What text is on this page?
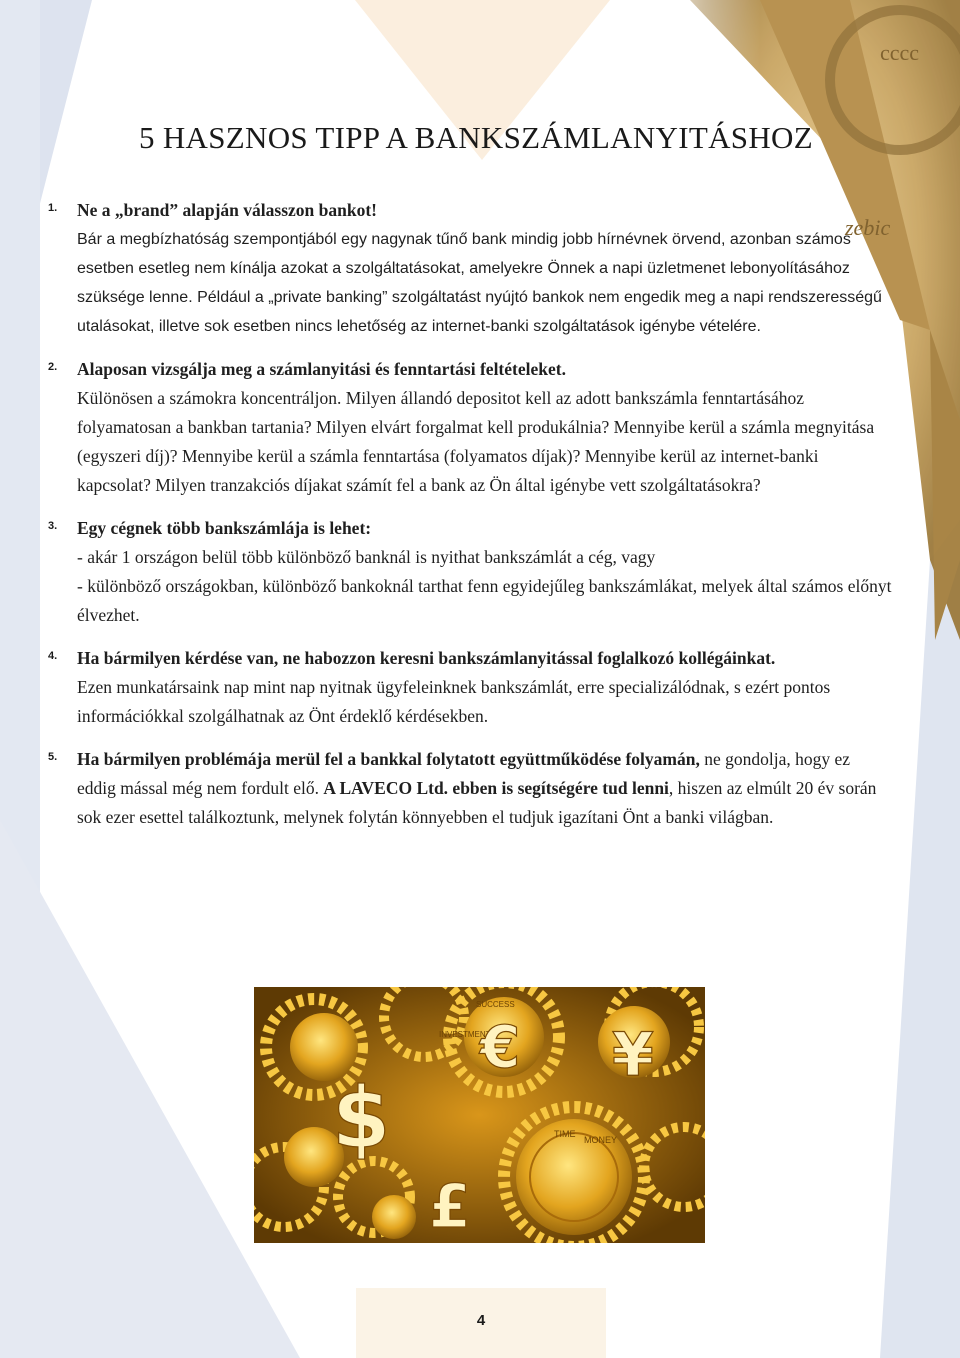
zebic
cccc
5 HASZNOS TIPP A BANKSZÁMLANYITÁSHOZ
1. Ne a „brand” alapján válasszon bankot!

Bár a megbízhatóság szempontjából egy nagynak tűnő bank mindig jobb hírnévnek örvend, azonban számos esetben esetleg nem kínálja azokat a szolgáltatásokat, amelyekre Önnek a napi üzletmenet lebonyolításához szüksége lenne. Például a „private banking” szolgáltatást nyújtó bankok nem engedik meg a napi rendszerességű utalásokat, illetve sok esetben nincs lehetőség az internet-banki szolgáltatások igénybe vételére.

2. Alaposan vizsgálja meg a számlanyitási és fenntartási feltételeket.

Különösen a számokra koncentráljon. Milyen állandó depositot kell az adott bankszámla fenntartásához folyamatosan a bankban tartania? Milyen elvárt forgalmat kell produkálnia? Mennyibe kerül a számla megnyitása (egyszeri díj)? Mennyibe kerül a számla fenntartása (folyamatos díjak)? Mennyibe kerül az internet-banki kapcsolat? Milyen tranzakciós díjakat számít fel a bank az Ön által igénybe vett szolgáltatásokra?

3. Egy cégnek több bankszámlája is lehet:

- akár 1 országon belül több különböző banknál is nyithat bankszámlát a cég, vagy

- különböző országokban, különböző bankoknál tarthat fenn egyidejűleg bankszámlákat, melyek által számos előnyt élvezhet.

4. Ha bármilyen kérdése van, ne habozzon keresni bankszámlanyitással foglalkozó kollégáinkat.

Ezen munkatársaink nap mint nap nyitnak ügyfeleinknek bankszámlát, erre specializálódnak, s ezért pontos információkkal szolgálhatnak az Önt érdeklő kérdésekben.

5. Ha bármilyen problémája merül fel a bankkal folytatott együttműködése folyamán, ne gondolja, hogy ez eddig mással még nem fordult elő. A LAVECO Ltd. ebben is segítségére tud lenni, hiszen az elmúlt 20 év során sok ezer esettel találkoztunk, melynek folytán könnyebben el tudjuk igazítani Önt a banki világban.

TIME
MONEY
SUCCESS
INVESTMENT
$
€ ¥
£
4
